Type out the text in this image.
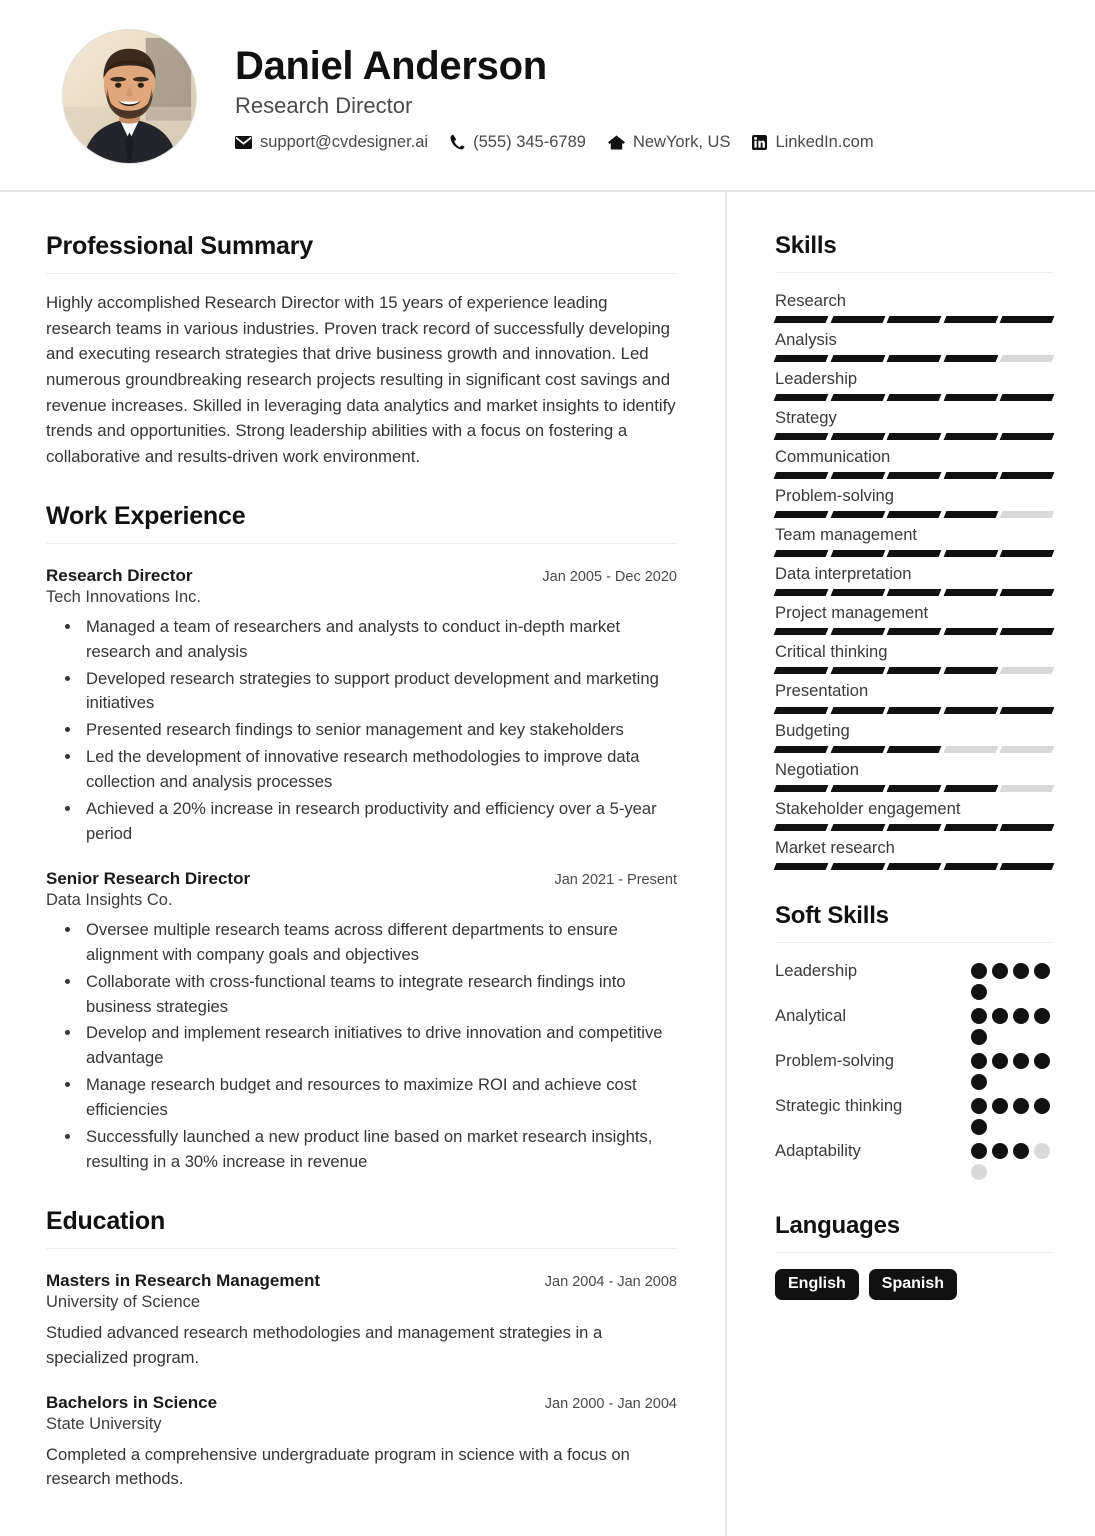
Daniel Anderson
Research Director
support@cvdesigner.ai	(555) 345-6789	NewYork, US	LinkedIn.com
Professional Summary

Highly accomplished Research Director with 15 years of experience leading research teams in various industries. Proven track record of successfully developing and executing research strategies that drive business growth and innovation. Led numerous groundbreaking research projects resulting in significant cost savings and revenue increases. Skilled in leveraging data analytics and market insights to identify trends and opportunities. Strong leadership abilities with a focus on fostering a collaborative and results-driven work environment.

Work Experience
Research Director	Jan 2005 - Dec 2020
Tech Innovations Inc.
• Managed a team of researchers and analysts to conduct in-depth market research and analysis
• Developed research strategies to support product development and marketing initiatives
• Presented research findings to senior management and key stakeholders
• Led the development of innovative research methodologies to improve data collection and analysis processes
• Achieved a 20% increase in research productivity and efficiency over a 5-year period
Senior Research Director	Jan 2021 - Present
Data Insights Co.
• Oversee multiple research teams across different departments to ensure alignment with company goals and objectives
• Collaborate with cross-functional teams to integrate research findings into business strategies
• Develop and implement research initiatives to drive innovation and competitive advantage
• Manage research budget and resources to maximize ROI and achieve cost efficiencies
• Successfully launched a new product line based on market research insights, resulting in a 30% increase in revenue
Education
Masters in Research Management	Jan 2004 - Jan 2008
University of Science

Studied advanced research methodologies and management strategies in a specialized program.

Bachelors in Science	Jan 2000 - Jan 2004
State University

Completed a comprehensive undergraduate program in science with a focus on research methods.

Skills
Research
Analysis
Leadership
Strategy
Communication
Problem-solving
Team management
Data interpretation
Project management
Critical thinking
Presentation
Budgeting
Negotiation
Stakeholder engagement
Market research
Soft Skills
Leadership
Analytical
Problem-solving
Strategic thinking
Adaptability
Languages
English	Spanish
